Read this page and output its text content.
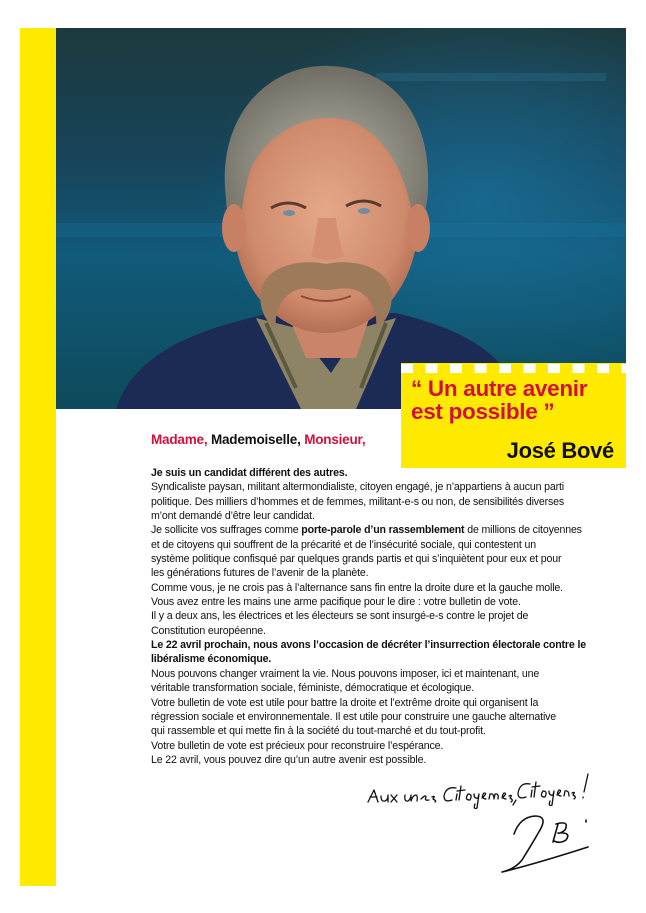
“ Un autre avenir
est possible ”
José Bové
Madame, Mademoiselle, Monsieur,

Je suis un candidat différent des autres.

Syndicaliste paysan, militant altermondialiste, citoyen engagé, je n’appartiens à aucun parti
politique. Des milliers d’hommes et de femmes, militant-e-s ou non, de sensibilités diverses
m’ont demandé d’être leur candidat.

Je sollicite vos suffrages comme porte-parole d’un rassemblement de millions de citoyennes
et de citoyens qui souffrent de la précarité et de l’insécurité sociale, qui contestent un
système politique confisqué par quelques grands partis et qui s’inquiètent pour eux et pour
les générations futures de l’avenir de la planète.

Comme vous, je ne crois pas à l’alternance sans fin entre la droite dure et la gauche molle.

Vous avez entre les mains une arme pacifique pour le dire : votre bulletin de vote.

Il y a deux ans, les électrices et les électeurs se sont insurgé-e-s contre le projet de
Constitution européenne.

Le 22 avril prochain, nous avons l’occasion de décréter l’insurrection électorale contre le
libéralisme économique.

Nous pouvons changer vraiment la vie. Nous pouvons imposer, ici et maintenant, une
véritable transformation sociale, féministe, démocratique et écologique.

Votre bulletin de vote est utile pour battre la droite et l’extrême droite qui organisent la
régression sociale et environnementale. Il est utile pour construire une gauche alternative
qui rassemble et qui mette fin à la société du tout-marché et du tout-profit.

Votre bulletin de vote est précieux pour reconstruire l’espérance.

Le 22 avril, vous pouvez dire qu’un autre avenir est possible.
